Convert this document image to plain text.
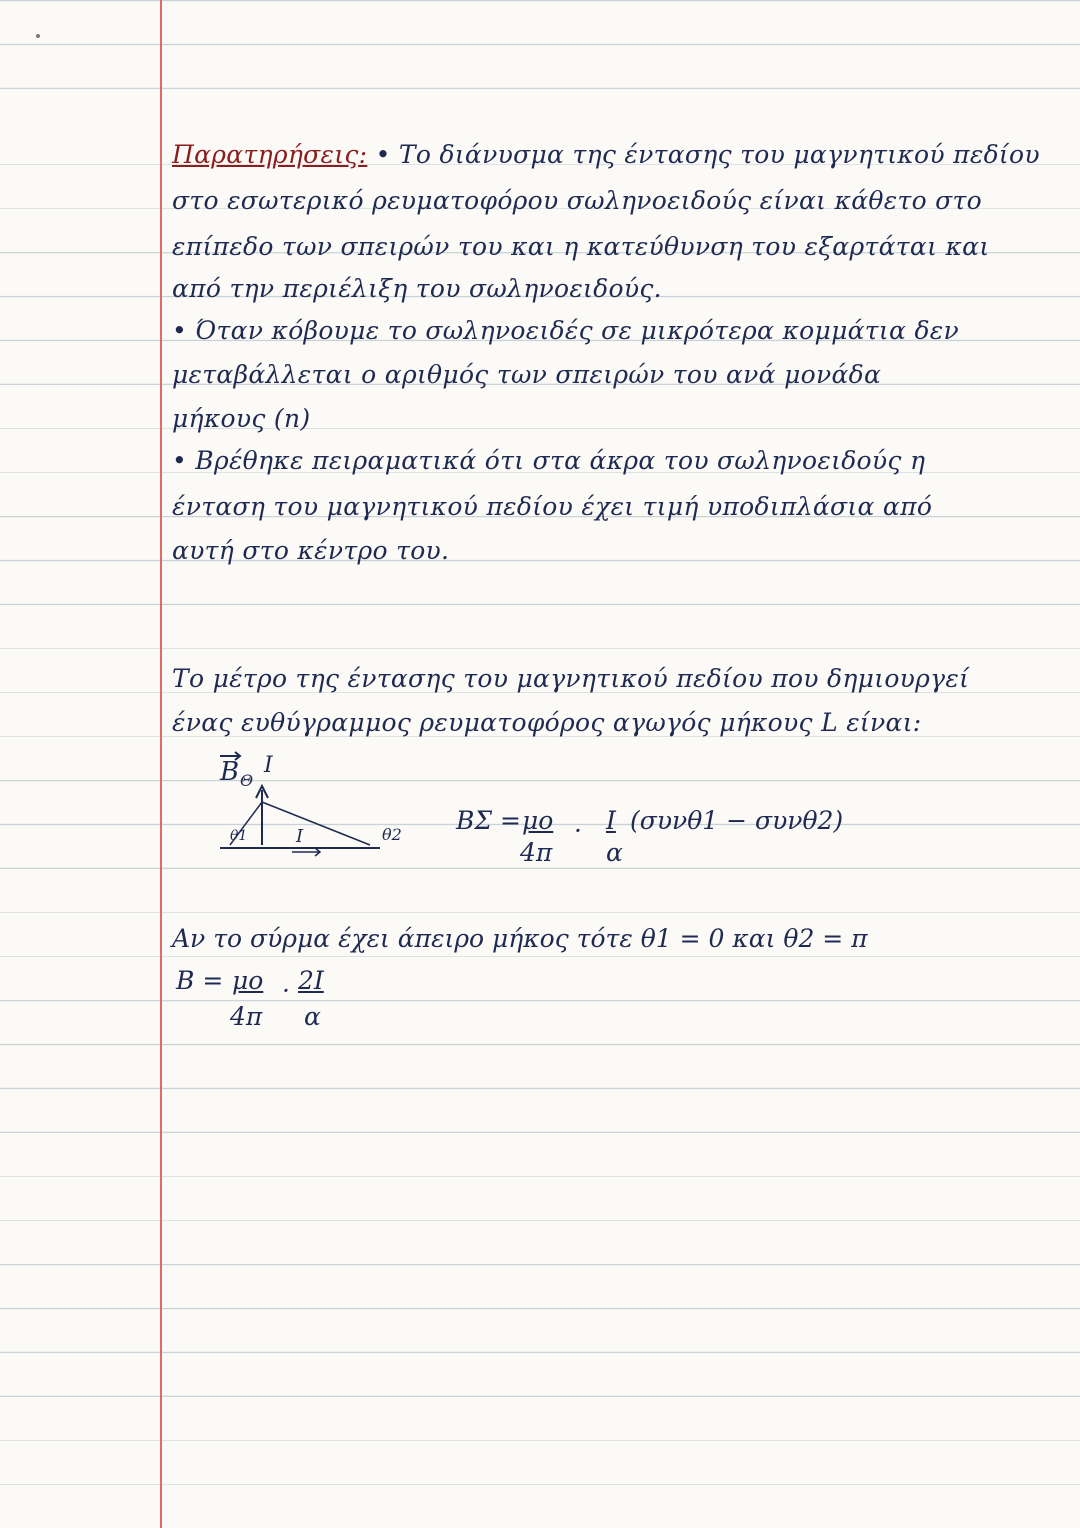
Παρατηρήσεις: • Το διάνυσμα της έντασης του μαγνητικού πεδίου
στο εσωτερικό ρευματοφόρου σωληνοειδούς είναι κάθετο στο
επίπεδο των σπειρών του και η κατεύθυνση του εξαρτάται και
από την περιέλιξη του σωληνοειδούς.
• Όταν κόβουμε το σωληνοειδές σε μικρότερα κομμάτια δεν
μεταβάλλεται ο αριθμός των σπειρών του ανά μονάδα
μήκους (n)
• Βρέθηκε πειραματικά ότι στα άκρα του σωληνοειδούς η
ένταση του μαγνητικού πεδίου έχει τιμή υποδιπλάσια από
αυτή στο κέντρο του.
Το μέτρο της έντασης του μαγνητικού πεδίου που δημιουργεί
ένας ευθύγραμμος ρευματοφόρος αγωγός μήκους L είναι:
B Θ
I
θ1	θ2
I
BΣ = μο
4π
· I
α
(συνθ1 − συνθ2)
Αν το σύρμα έχει άπειρο μήκος τότε θ1 = 0 και θ2 = π
B = μο
4π
· 2I
α
